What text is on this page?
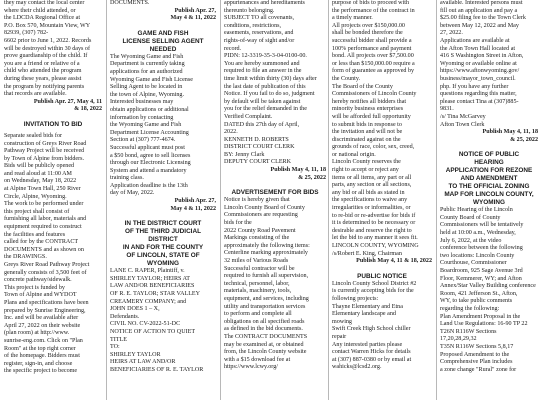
they may contact the local center
where their child attended, or
the LDCDA Regional Office at
P.O. Box 570, Mountain View, WY
82939, (307) 782-
6602 prior to June 1, 2022. Records
will be destroyed within 30 days of
prove guardianship of the child. If
you are a friend or relative of a
child who attended the program
during these years, please assist
the program by notifying parents
that records are available.
Publish Apr. 27, May 4, 11
& 18, 2022
INVITATION TO BID
Separate sealed bids for
construction of Greys River Road
Pathway Project will be received
by Town of Alpine from bidders.
Bids will be publicly opened
and read aloud at 11:00 AM
on Wednesday, May 18, 2022
at Alpine Town Hall, 250 River
Circle, Alpine, Wyoming.
The work to be performed under
this project shall consist of
furnishing all labor, materials and
equipment required to construct
the facilities and features
called for by the CONTRACT
DOCUMENTS and as shown on
the DRAWINGS.
Greys River Road Pathway Project
generally consists of 3,500 feet of
concrete pathway/sidewalk.
This project is funded by
Town of Alpine and WYDOT
Plans and specifications have been
prepared by Sunrise Engineering,
Inc. and will be available after
April 27, 2022 on their website
(plan room) at http://www.
sunrise-eng.com. Click on "Plan
Room" at the top right corner
of the homepage. Bidders must
register, sign-in, and choose
the specific project to become
DOCUMENTS.
Publish Apr. 27,
May 4 & 11, 2022
GAME AND FISH
LICENSE SELLING AGENT
NEEDED
The Wyoming Game and Fish
Department is currently taking
applications for an authorized
Wyoming Game and Fish License
Selling Agent to be located in
the town of Alpine, Wyoming.
Interested businesses may
obtain applications or additional
information by contacting
the Wyoming Game and Fish
Department License Accounting
Section at (307) 777-4674.
Successful applicant must post
a $50 bond, agree to sell licenses
through our Electronic Licensing
System and attend a mandatory
training class.
Application deadline is the 13th
day of May, 2022.
Publish Apr. 27,
May 4 & 11, 2022
IN THE DISTRICT COURT
OF THE THIRD JUDICIAL
DISTRICT
IN AND FOR THE COUNTY
OF LINCOLN, STATE OF
WYOMING
LANE C. RAPER, Plaintiff, v.
SHIRLEY TAYLOR; HEIRS AT
LAW AND/OR BENEFICIARIES
OF R. E. TAYLOR; STAR VALLEY
CREAMERY COMPANY; and
JOHN DOES 1 – X,
Defendants.
CIVIL NO. CV-2022-51-DC
NOTICE OF ACTION TO QUIET
TITLE
TO:
SHIRLEY TAYLOR
HEIRS AT LAW AND/OR
BENEFICIARIES OF R. E. TAYLOR
appurtenances and hereditaments
thereunto belonging.
SUBJECT TO all covenants,
conditions, restrictions,
easements, reservations, and
rights-of-way of sight and/or
record.
PIDN: 12-3319-35-3-04-0100-00.
You are hereby summoned and
required to file an answer in the
time limit within thirty (30) days after
the last date of publication of this
Notice. If you fail to do so, judgment
by default will be taken against
you for the relief demanded in the
Verified Complaint.
DATED this 27th day of April,
2022.
KENNETH D. ROBERTS
DISTRICT COURT CLERK
BY: Jenny Clark
DEPUTY COURT CLERK
Publish May 4, 11, 18
& 25, 2022
ADVERTISEMENT FOR BIDS
Notice is hereby given that
Lincoln County Board of County
Commissioners are requesting
bids for the
2022 County Road Pavement
Markings consisting of the
approximately the following items:
Centerline marking approximately
32 miles of Various Roads
Successful contractor will be
required to furnish all supervision,
technical, personnel, labor,
materials, machinery, tools,
equipment, and services, including
utility and transportation services
to perform and complete all
obligations on all specified roads
as defined in the bid documents.
The CONTRACT DOCUMENTS
may be examined at, or obtained
from, the Lincoln County website
with a $15 download fee at
https://www.lcwy.org/
purpose of bids to proceed with
the performance of the contract in
a timely manner.
All projects over $150,000.00
shall be bonded therefore the
successful bidder shall provide a
100% performance and payment
bond. All projects over $7,500.00
or less than $150,000.00 require a
form of guarantee as approved by
the County.
The Board of the County
Commissioners of Lincoln County
hereby notifies all bidders that
minority business enterprises
will be afforded full opportunity
to submit bids in response to
the invitation and will not be
discriminated against on the
grounds of race, color, sex, creed,
or national origin.
Lincoln County reserves the
right to accept or reject any
items or all items, any part or all
parts, any section or all sections,
any bid or all bids as stated in
the specifications to waive any
irregularities or informalities, or
to re-bid or re-advertise for bids if
it is determined to be necessary or
desirable and reserve the right to
let the bid to any manner it sees fit.
LINCOLN COUNTY, WYOMING
/s/Robert E. King, Chairman
Publish May 4, 11 & 18, 2022
PUBLIC NOTICE
Lincoln County School District #2
is currently accepting bids for the
following projects:
Thayne Elementary and Etna
Elementary landscape and
mowing
Swift Creek High School chiller
repair
Any interested parties please
contact Warren Hicks for details
at (307) 887-0380 or by email at
wahicks@lcsd2.org.
available. Interested persons must
fill out an application and pay a
$25.00 filing fee to the Town Clerk
between May 12, 2022 and May
27, 2022.
Applications are available at
the Afton Town Hall located at
416 S Washington Street in Afton,
Wyoming or available online at
https://www.aftonwyoming.gov/
business/mayor_town_council.
php. If you have any further
questions regarding this matter,
please contact Tina at (307)885-
9831.
/s/ Tina McGarvey
Afton Town Clerk
Publish May 4, 11, 18
& 25, 2022
NOTICE OF PUBLIC
HEARING
APPLICATION FOR REZONE
AND AMENDMENT
TO THE OFFICIAL ZONING
MAP FOR LINCOLN COUNTY,
WYOMING
Public Hearing of the Lincoln
County Board of County
Commissioners will be tentatively
held at 10:00 a.m., Wednesday,
July 6, 2022, at the video
conference between the following
two locations: Lincoln County
Courthouse, Commissioner
Boardroom, 925 Sage Avenue 3rd
Floor, Kemmerer, WY; and Afton
Annex/Star Valley Building conference
Room, 421 Jefferson St., Afton,
WY, to take public comments
regarding the following:
Plan Amendment Proposal in the
Land Use Regulations: 16-90 TP 22
T26N R116W Sections
17,20,28,29,32
T35N R116W Sections 5,8,17
Proposed Amendment to the
Comprehensive Plan includes
a zone change "Rural" zone for
